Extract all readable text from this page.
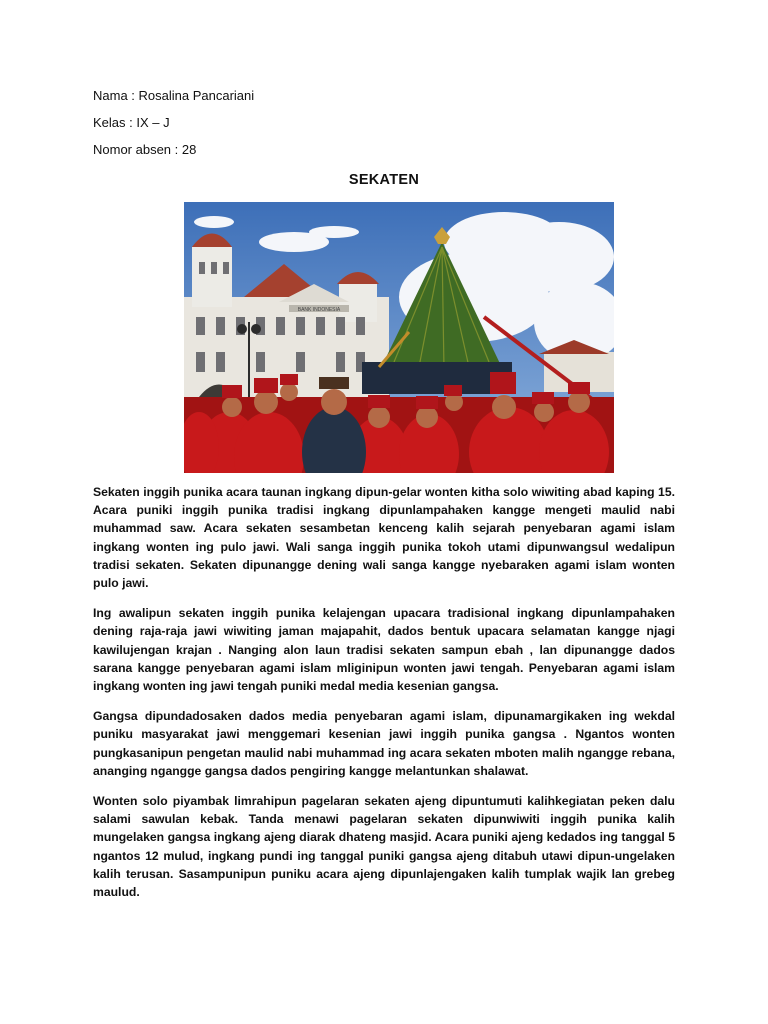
Nama : Rosalina Pancariani
Kelas : IX – J
Nomor absen : 28
SEKATEN
BANK INDONESIA

Sekaten inggih punika acara taunan ingkang dipun-gelar wonten kitha solo wiwiting abad kaping 15. Acara puniki inggih punika tradisi ingkang dipunlampahaken kangge mengeti maulid nabi muhammad saw. Acara sekaten sesambetan kenceng kalih sejarah penyebaran agami islam ingkang wonten ing pulo jawi. Wali sanga inggih punika tokoh utami dipunwangsul wedalipun tradisi sekaten. Sekaten dipunangge dening wali sanga kangge nyebaraken agami islam wonten pulo jawi.

Ing awalipun sekaten inggih punika kelajengan upacara tradisional ingkang dipunlampahaken dening raja-raja jawi wiwiting jaman majapahit, dados bentuk upacara selamatan kangge njagi kawilujengan krajan . Nanging alon laun tradisi sekaten sampun ebah , lan dipunangge dados sarana kangge penyebaran agami islam mliginipun wonten jawi tengah. Penyebaran agami islam ingkang wonten ing jawi tengah puniki medal media kesenian gangsa.

Gangsa dipundadosaken dados media penyebaran agami islam, dipunamargikaken ing wekdal puniku masyarakat jawi menggemari kesenian jawi inggih punika gangsa . Ngantos wonten pungkasanipun pengetan maulid nabi muhammad ing acara sekaten mboten malih ngangge rebana, ananging ngangge gangsa dados pengiring kangge melantunkan shalawat.

Wonten solo piyambak limrahipun pagelaran sekaten ajeng dipuntumuti kalihkegiatan peken dalu salami sawulan kebak. Tanda menawi pagelaran sekaten dipunwiwiti inggih punika kalih mungelaken gangsa ingkang ajeng diarak dhateng masjid. Acara puniki ajeng kedados ing tanggal 5 ngantos 12 mulud, ingkang pundi ing tanggal puniki gangsa ajeng ditabuh utawi dipun-ungelaken kalih terusan. Sasampunipun puniku acara ajeng dipunlajengaken kalih tumplak wajik lan grebeg maulud.
